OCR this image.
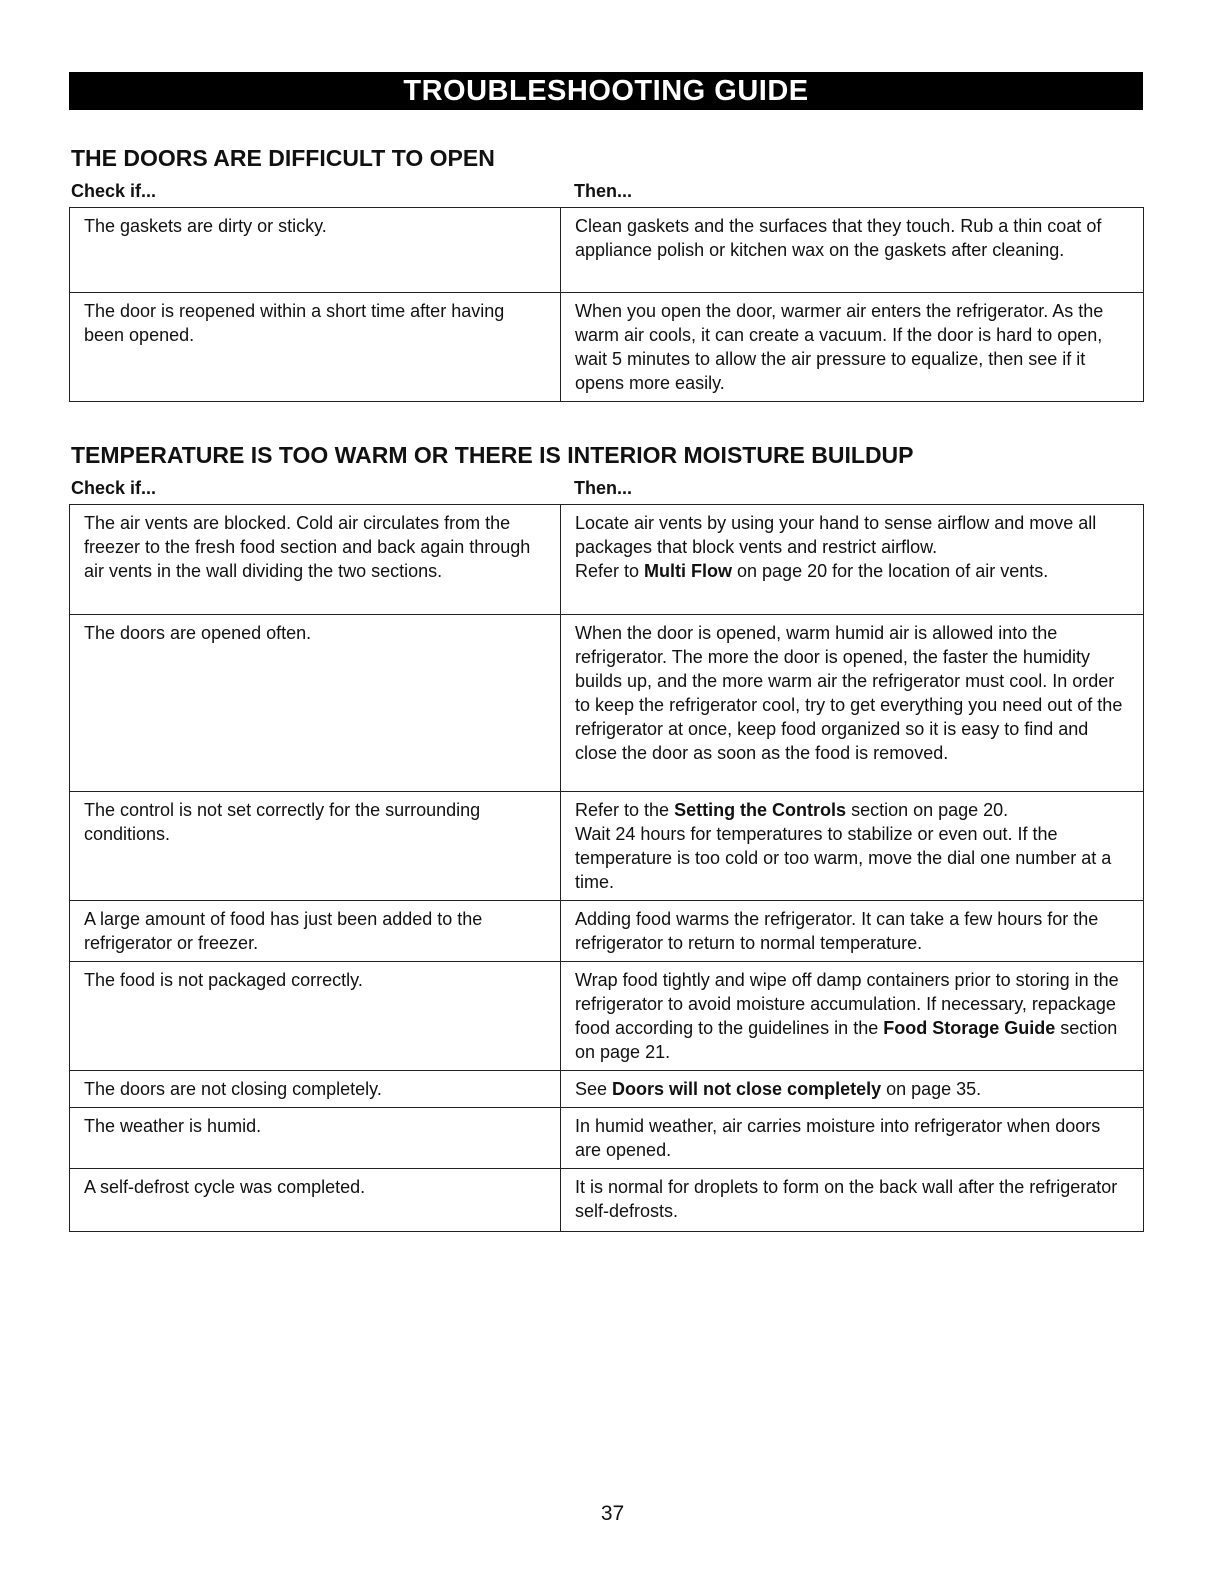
TROUBLESHOOTING GUIDE
THE DOORS ARE DIFFICULT TO OPEN
Check if...	Then...
The gaskets are dirty or sticky.	Clean gaskets and the surfaces that they touch. Rub a thin coat of appliance polish or kitchen wax on the gaskets after cleaning.
The door is reopened within a short time after having been opened.	When you open the door, warmer air enters the refrigerator. As the warm air cools, it can create a vacuum. If the door is hard to open, wait 5 minutes to allow the air pressure to equalize, then see if it opens more easily.
TEMPERATURE IS TOO WARM OR THERE IS INTERIOR MOISTURE BUILDUP
Check if...	Then...
The air vents are blocked. Cold air circulates from the freezer to the fresh food section and back again through air vents in the wall dividing the two sections.	Locate air vents by using your hand to sense airflow and move all packages that block vents and restrict airflow.
Refer to Multi Flow on page 20 for the location of air vents.

The doors are opened often.	When the door is opened, warm humid air is allowed into the refrigerator. The more the door is opened, the faster the humidity builds up, and the more warm air the refrigerator must cool. In order to keep the refrigerator cool, try to get everything you need out of the refrigerator at once, keep food organized so it is easy to find and close the door as soon as the food is removed.
The control is not set correctly for the surrounding conditions.	Refer to the Setting the Controls section on page 20.
Wait 24 hours for temperatures to stabilize or even out. If the temperature is too cold or too warm, move the dial one number at a time.

A large amount of food has just been added to the refrigerator or freezer.	Adding food warms the refrigerator. It can take a few hours for the refrigerator to return to normal temperature.
The food is not packaged correctly.	Wrap food tightly and wipe off damp containers prior to storing in the refrigerator to avoid moisture accumulation. If necessary, repackage food according to the guidelines in the Food Storage Guide section on page 21.

The doors are not closing completely.	See Doors will not close completely on page 35.

The weather is humid.	In humid weather, air carries moisture into refrigerator when doors are opened.
A self-defrost cycle was completed.	It is normal for droplets to form on the back wall after the refrigerator self-defrosts.
37
